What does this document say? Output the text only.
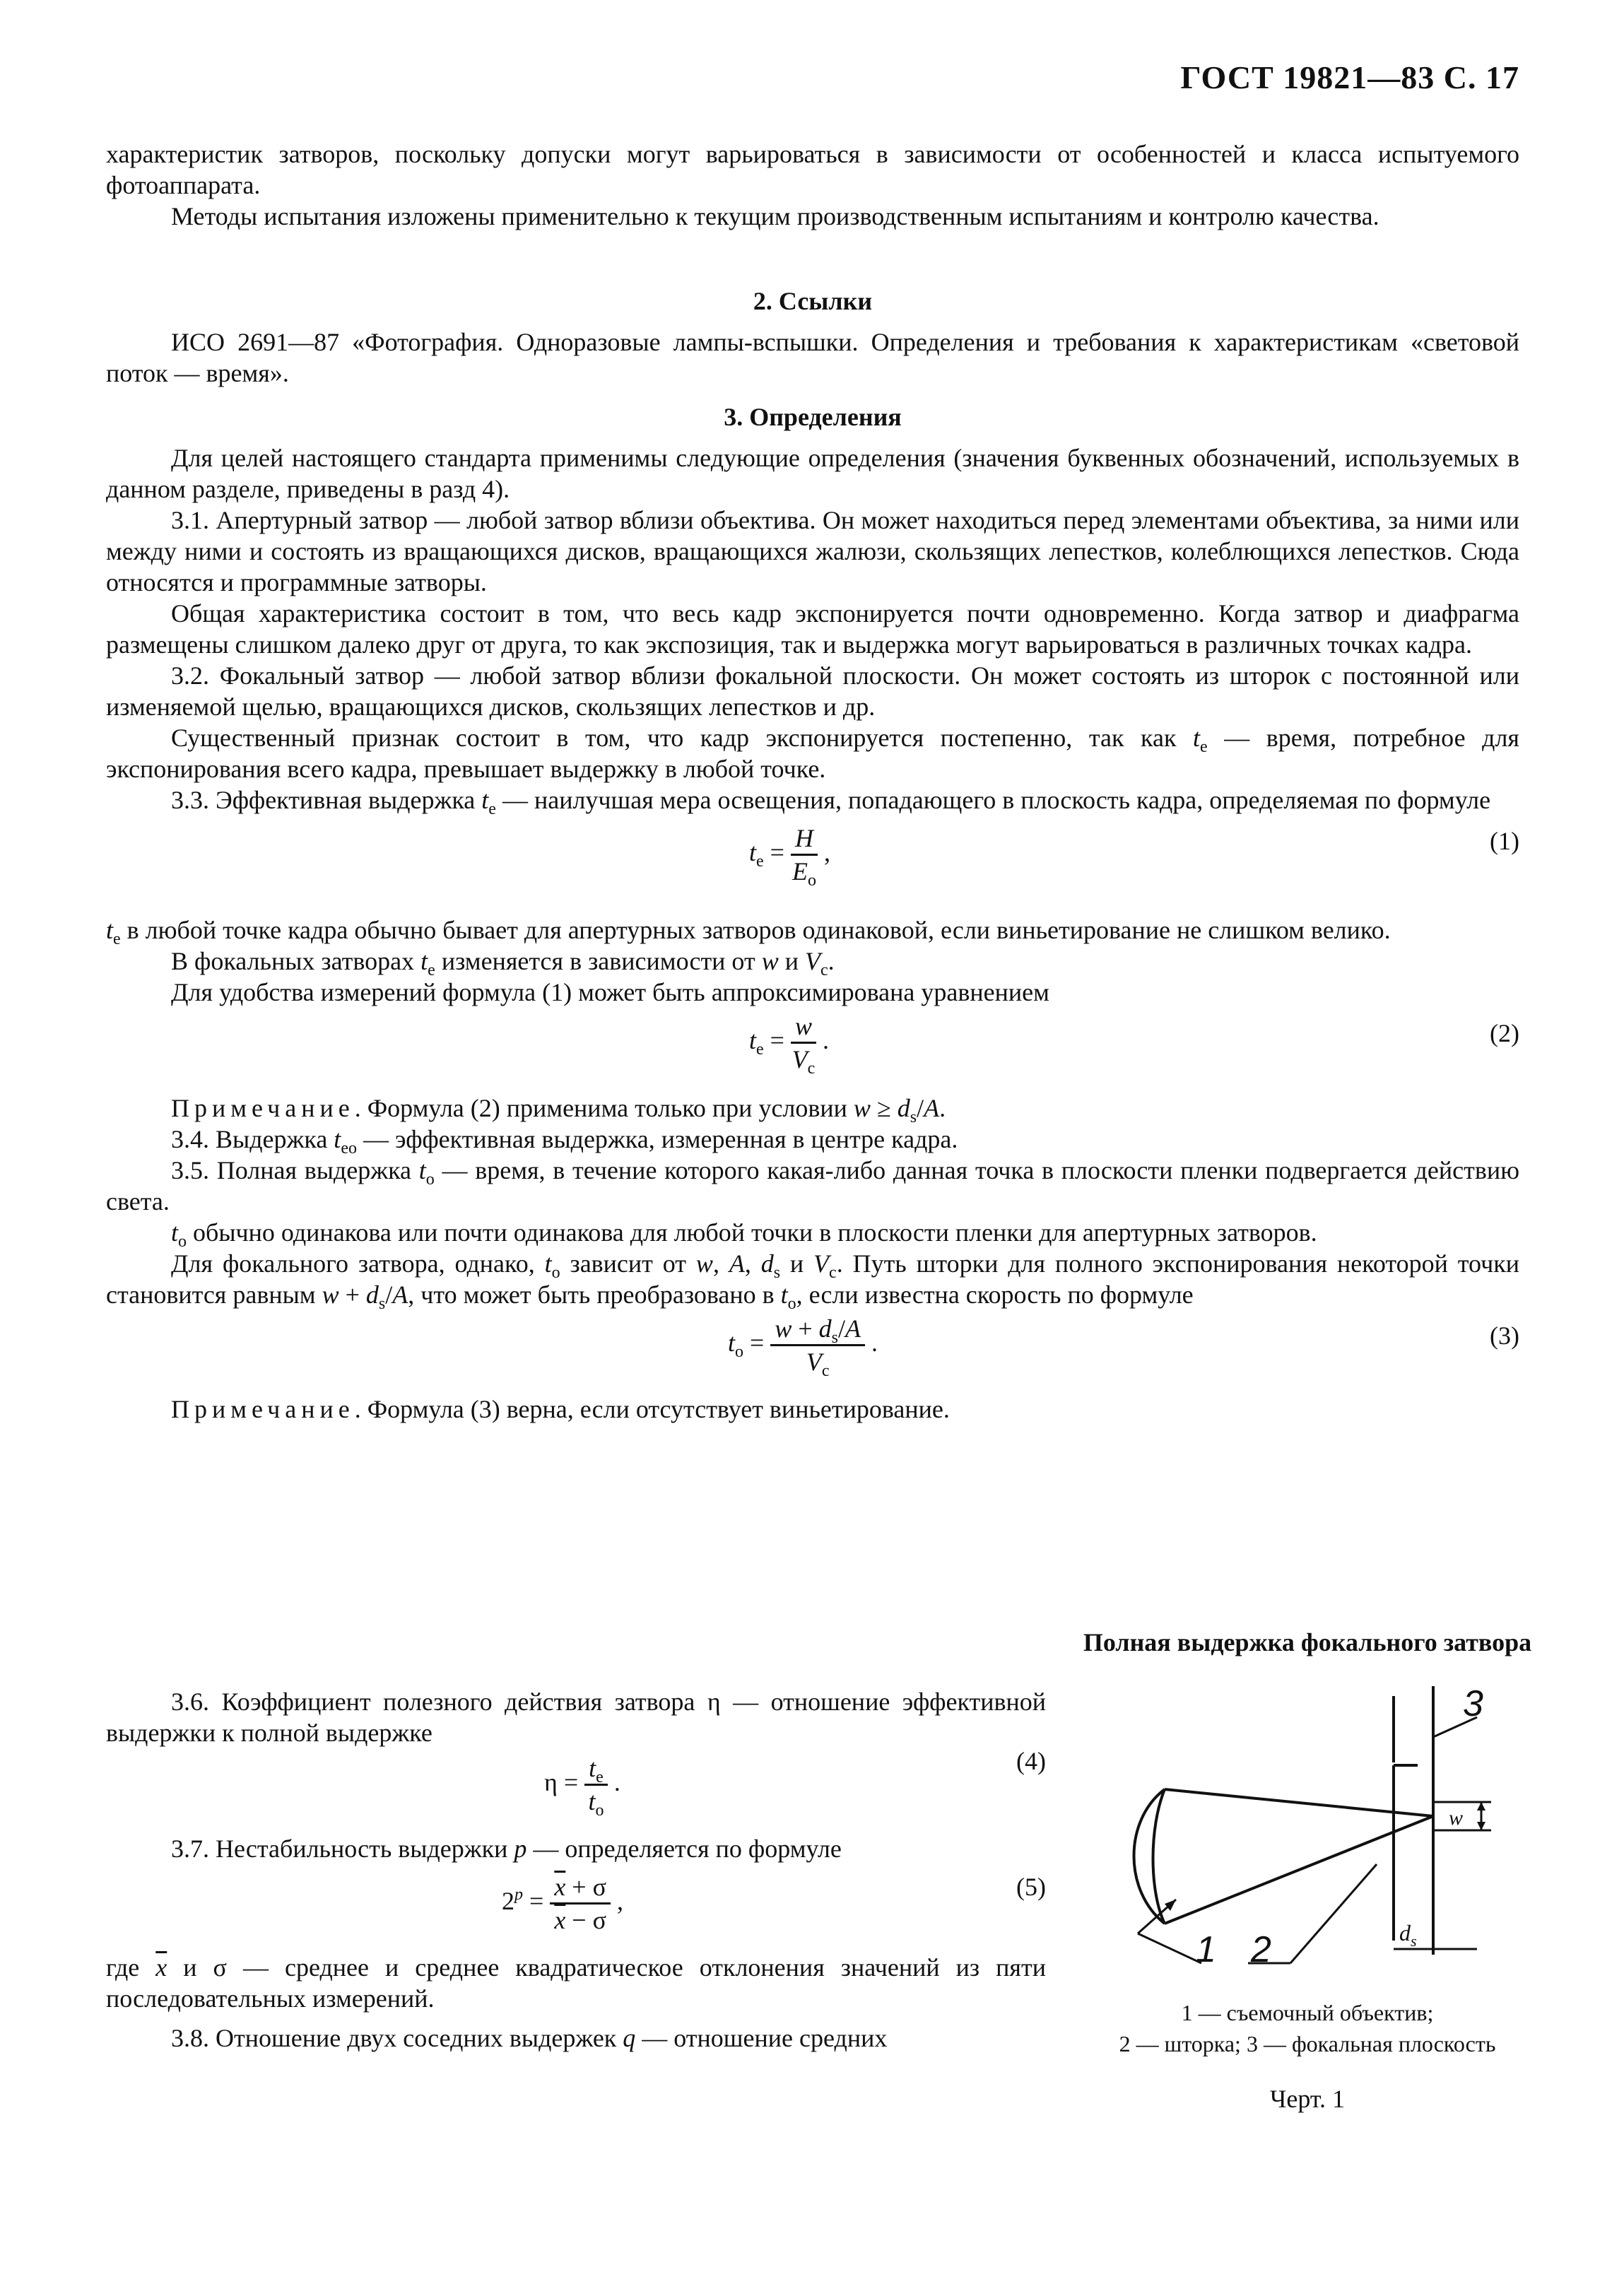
ГОСТ 19821—83 С. 17

характеристик затворов, поскольку допуски могут варьироваться в зависимости от особенностей и класса испытуемого фотоаппарата.

Методы испытания изложены применительно к текущим производственным испытаниям и контролю качества.

2. Ссылки

ИСО 2691—87 «Фотография. Одноразовые лампы-вспышки. Определения и требования к характеристикам «световой поток — время».

3. Определения

Для целей настоящего стандарта применимы следующие определения (значения буквенных обозначений, используемых в данном разделе, приведены в разд 4).

3.1. Апертурный затвор — любой затвор вблизи объектива. Он может находиться перед элементами объектива, за ними или между ними и состоять из вращающихся дисков, вращающихся жалюзи, скользящих лепестков, колеблющихся лепестков. Сюда относятся и программные затворы.

Общая характеристика состоит в том, что весь кадр экспонируется почти одновременно. Когда затвор и диафрагма размещены слишком далеко друг от друга, то как экспозиция, так и выдержка могут варьироваться в различных точках кадра.

3.2. Фокальный затвор — любой затвор вблизи фокальной плоскости. Он может состоять из шторок с постоянной или изменяемой щелью, вращающихся дисков, скользящих лепестков и др.

Существенный признак состоит в том, что кадр экспонируется постепенно, так как $t_e$ — время, потребное для экспонирования всего кадра, превышает выдержку в любой точке.

3.3. Эффективная выдержка $t_e$ — наилучшая мера освещения, попадающего в плоскость кадра, определяемая по формуле

$t_e = \frac{H}{E_o}$ ,	(1)

$t_e$ в любой точке кадра обычно бывает для апертурных затворов одинаковой, если виньетирование не слишком велико.

В фокальных затворах $t_e$ изменяется в зависимости от w и $V_c$.

Для удобства измерений формула (1) может быть аппроксимирована уравнением

$t_e = \frac{w}{V_c}$ .	(2)

Примечание. Формула (2) применима только при условии $w \ge d_s/A$.

3.4. Выдержка $t_{eo}$ — эффективная выдержка, измеренная в центре кадра.

3.5. Полная выдержка $t_o$ — время, в течение которого какая-либо данная точка в плоскости пленки подвергается действию света.

$t_o$ обычно одинакова или почти одинакова для любой точки в плоскости пленки для апертурных затворов.

Для фокального затвора, однако, $t_o$ зависит от w, A, $d_s$ и $V_c$. Путь шторки для полного экспонирования некоторой точки становится равным $w + d_s/A$, что может быть преобразовано в $t_o$, если известна скорость по формуле

$t_o = \frac{w + d_s/A}{V_c}$ .	(3)

Примечание. Формула (3) верна, если отсутствует виньетирование.

3.6. Коэффициент полезного действия затвора η — отношение эффективной выдержки к полной выдержке

$\eta = \frac{t_e}{t_o}$ .
(4)

3.7. Нестабильность выдержки p — определяется по формуле

$2^p = \frac{\overline{x} + \sigma}{\overline{x} - \sigma}$ ,	(5)

где $\overline{x}$ и σ — среднее и среднее квадратическое отклонения значений из пяти последовательных измерений.

3.8. Отношение двух соседних выдержек q — отношение средних

Полная выдержка фокального затвора
w
$d_s$
1 2
3
1 — съемочный объектив;
2 — шторка; 3 — фокальная плоскость
Черт. 1
